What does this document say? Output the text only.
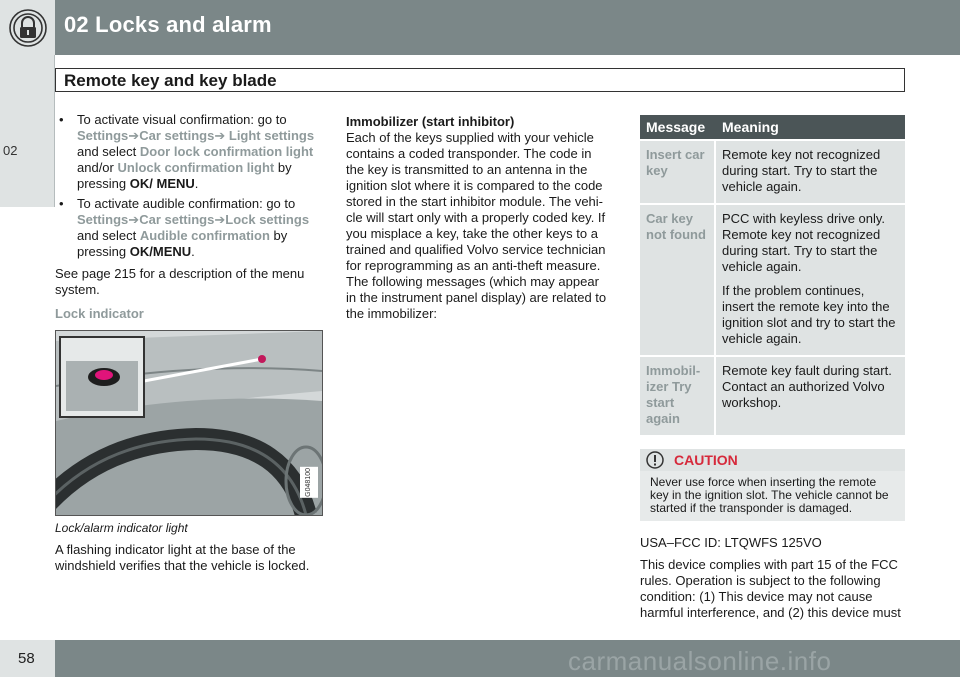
02 Locks and alarm
02
Remote key and key blade
• To activate visual confirmation: go to
Settings➔Car settings➔ Light settings and select Door lock confirmation light and/or Unlock confirmation light by pressing OK/ MENU.
• To activate audible confirmation: go to
Settings➔Car settings➔Lock settings and select Audible confirmation by pressing OK/MENU.
See page 215 for a description of the menu system.
Lock indicator
G048100
Lock/alarm indicator light
A flashing indicator light at the base of the windshield verifies that the vehicle is locked.
Immobilizer (start inhibitor)
Each of the keys supplied with your vehicle contains a coded transponder. The code in the key is transmitted to an antenna in the ignition slot where it is compared to the code stored in the start inhibitor module. The vehi-cle will start only with a properly coded key. If you misplace a key, take the other keys to a trained and qualified Volvo service technician for reprogramming as an anti-theft measure. The following messages (which may appear in the instrument panel display) are related to the immobilizer:
Message	Meaning
Insert car key	Remote key not recognized during start. Try to start the vehicle again.

Car key not found	PCC with keyless drive only. Remote key not recognized during start. Try to start the vehicle again.

If the problem continues, insert the remote key into the ignition slot and try to start the vehicle again.

Immobil-izer Try start again	Remote key fault during start. Contact an authorized Volvo workshop.

CAUTION
Never use force when inserting the remote key in the ignition slot. The vehicle cannot be started if the transponder is damaged.
USA–FCC ID: LTQWFS 125VO
This device complies with part 15 of the FCC rules. Operation is subject to the following condition: (1) This device may not cause harmful interference, and (2) this device must
58	carmanualsonline.info
